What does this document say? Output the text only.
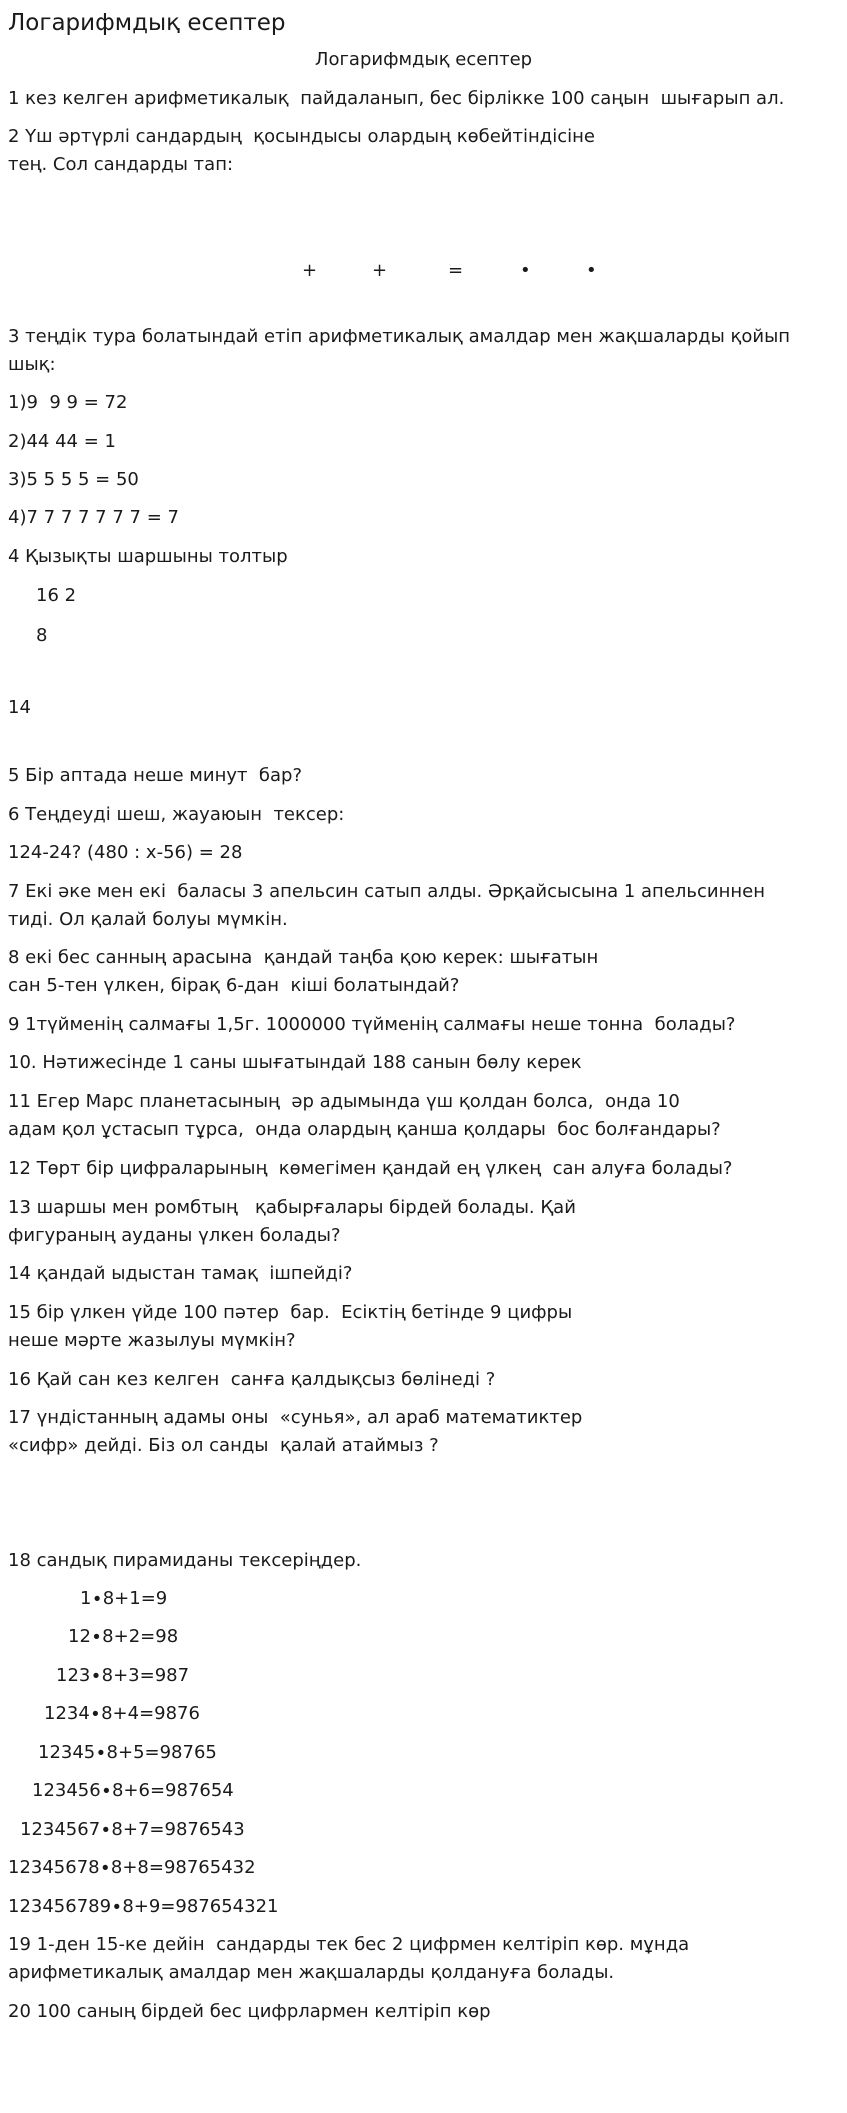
Логарифмдық есептер
Логарифмдық есептер
+	+	=	•	•
1 кез келген арифметикалық  пайдаланып, бес бірлікке 100 саңын  шығарып ал.
2 Үш әртүрлі сандардың  қосындысы олардың көбейтіндісіне
тең. Сол сандарды тап:
3 теңдік тура болатындай етіп арифметикалық амалдар мен жақшаларды қойып
шық:
1)9  9 9 = 72
2)44 44 = 1
3)5 5 5 5 = 50
4)7 7 7 7 7 7 7 = 7
4 Қызықты шаршыны толтыр
16 2
8
14
5 Бір аптада неше минут  бар?
6 Теңдеуді шеш, жауаюын  тексер:
124-24? (480 : х-56) = 28
7 Екі әке мен екі  баласы 3 апельсин сатып алды. Әрқайсысына 1 апельсиннен
тиді. Ол қалай болуы мүмкін.
8 екі бес санның арасына  қандай таңба қою керек: шығатын
сан 5-тен үлкен, бірақ 6-дан  кіші болатындай?
9 1түйменің салмағы 1,5г. 1000000 түйменің салмағы неше тонна  болады?
10. Нәтижесінде 1 саны шығатындай 188 санын бөлу керек
11 Егер Марс планетасының  әр адымында үш қолдан болса,  онда 10
адам қол ұстасып тұрса,  онда олардың қанша қолдары  бос болғандары?
12 Төрт бір цифраларының  көмегімен қандай ең үлкең  сан алуға болады?
13 шаршы мен ромбтың   қабырғалары бірдей болады. Қай
фигураның ауданы үлкен болады?
14 қандай ыдыстан тамақ  ішпейді?
15 бір үлкен үйде 100 пәтер  бар.  Есіктің бетінде 9 цифры
неше мәрте жазылуы мүмкін?
16 Қай сан кез келген  санға қалдықсыз бөлінеді ?
17 үндістанның адамы оны  «сунья», ал араб математиктер
«сифр» дейді. Біз ол санды  қалай атаймыз ?
18 сандық пирамиданы тексеріңдер.
1∙8+1=9
12∙8+2=98
123∙8+3=987
1234∙8+4=9876
12345∙8+5=98765
123456∙8+6=987654
1234567∙8+7=9876543
12345678∙8+8=98765432
123456789∙8+9=987654321
19 1-ден 15-ке дейін  сандарды тек бес 2 цифрмен келтіріп көр. мұнда
арифметикалық амалдар мен жақшаларды қолдануға болады.
20 100 саның бірдей бес цифрлармен келтіріп көр
